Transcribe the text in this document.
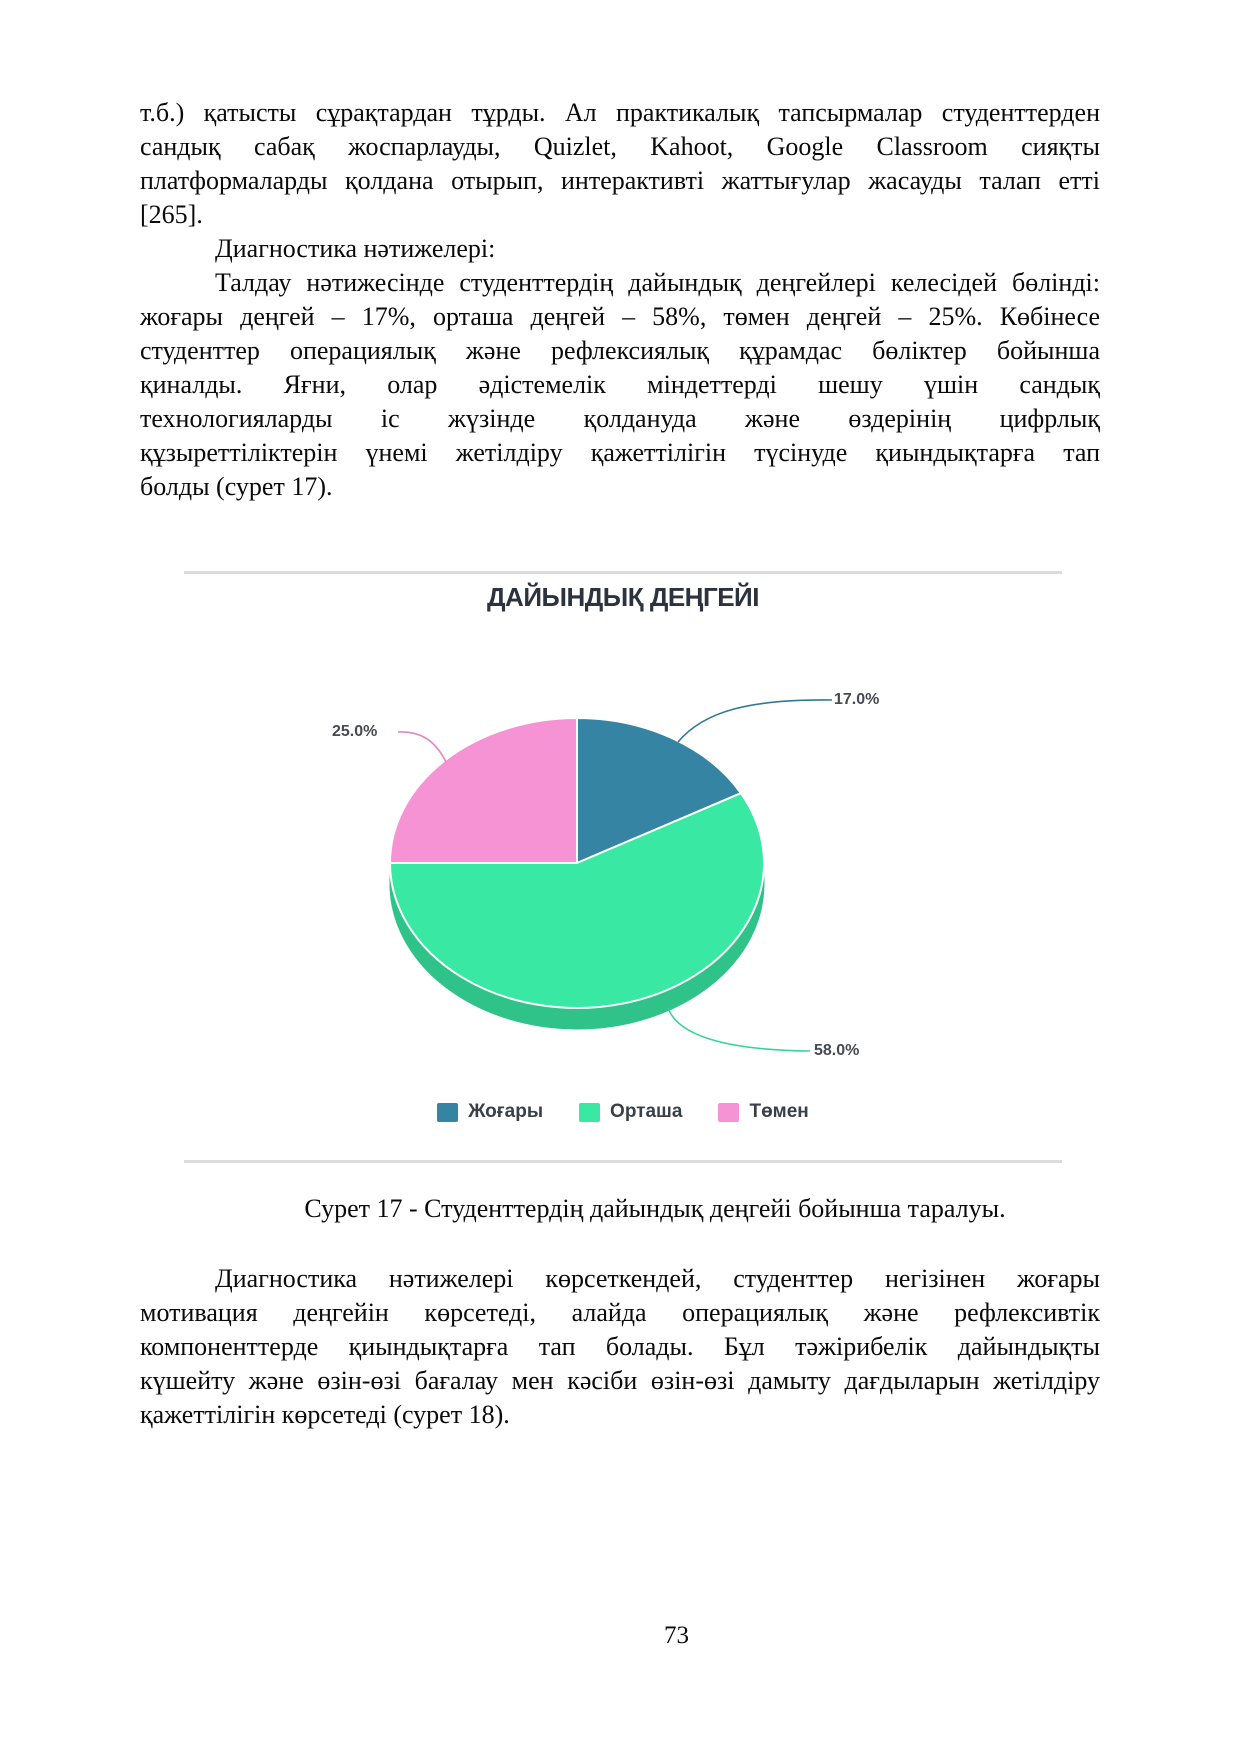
т.б.) қатысты сұрақтардан тұрды. Ал практикалық тапсырмалар студенттерден
сандық сабақ жоспарлауды, Quizlet, Kahoot, Google Classroom сияқты
платформаларды қолдана отырып, интерактивті жаттығулар жасауды талап етті
[265].
Диагностика нәтижелері:
Талдау нәтижесінде студенттердің дайындық деңгейлері келесідей бөлінді:
жоғары деңгей – 17%, орташа деңгей – 58%, төмен деңгей – 25%. Көбінесе
студенттер операциялық және рефлексиялық құрамдас бөліктер бойынша
қиналды. Яғни, олар әдістемелік міндеттерді шешу үшін сандық
технологияларды іс жүзінде қолдануда және өздерінің цифрлық
құзыреттіліктерін үнемі жетілдіру қажеттілігін түсінуде қиындықтарға тап
болды (сурет 17).
ДАЙЫНДЫҚ ДЕҢГЕЙІ
17.0%
58.0%
25.0%
Жоғары	Орташа	Төмен
Сурет 17 - Студенттердің дайындық деңгейі бойынша таралуы.
Диагностика нәтижелері көрсеткендей, студенттер негізінен жоғары
мотивация деңгейін көрсетеді, алайда операциялық және рефлексивтік
компоненттерде қиындықтарға тап болады. Бұл тәжірибелік дайындықты
күшейту және өзін-өзі бағалау мен кәсіби өзін-өзі дамыту дағдыларын жетілдіру
қажеттілігін көрсетеді (сурет 18).
73
